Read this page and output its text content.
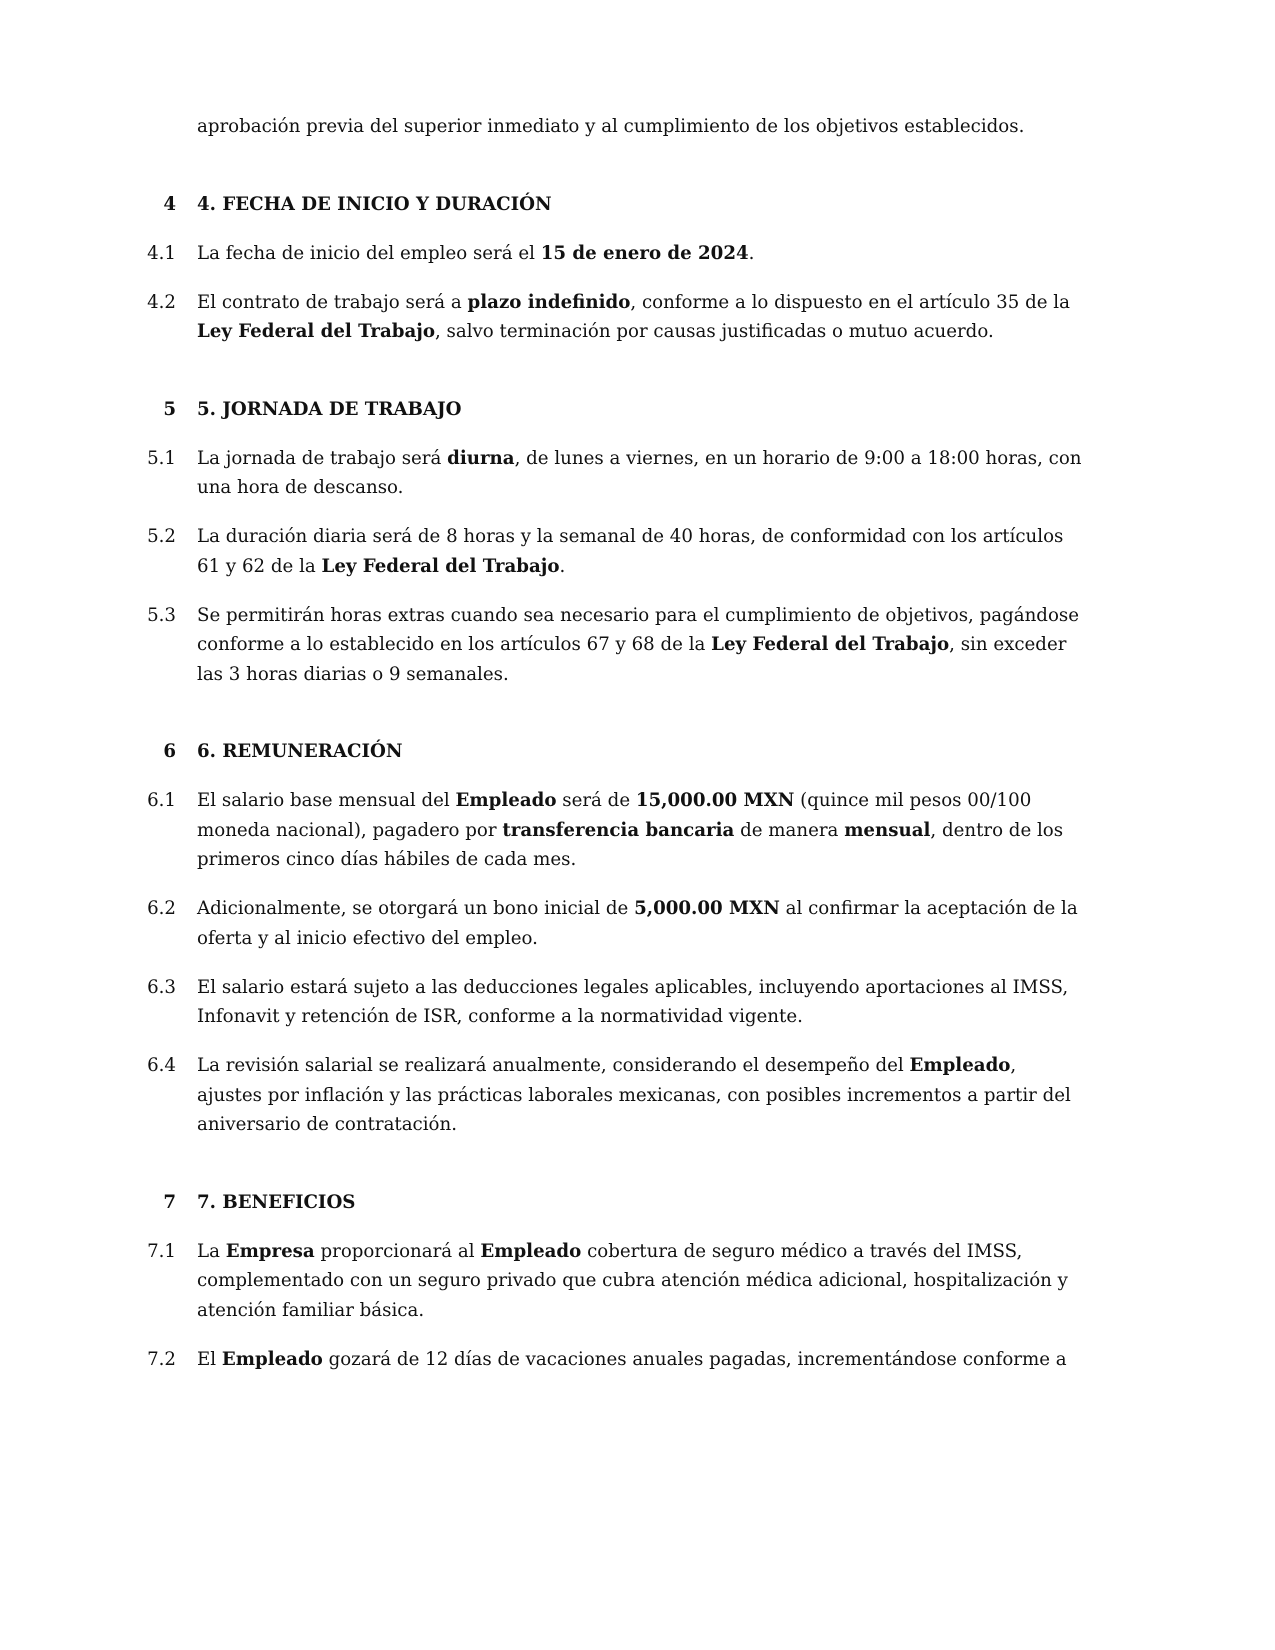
aprobación previa del superior inmediato y al cumplimiento de los objetivos establecidos.
4 4. FECHA DE INICIO Y DURACIÓN
4.1 La fecha de inicio del empleo será el 15 de enero de 2024.
4.2 El contrato de trabajo será a plazo indefinido, conforme a lo dispuesto en el artículo 35 de la Ley Federal del Trabajo, salvo terminación por causas justificadas o mutuo acuerdo.
5 5. JORNADA DE TRABAJO
5.1 La jornada de trabajo será diurna, de lunes a viernes, en un horario de 9:00 a 18:00 horas, con una hora de descanso.
5.2 La duración diaria será de 8 horas y la semanal de 40 horas, de conformidad con los artículos 61 y 62 de la Ley Federal del Trabajo.
5.3 Se permitirán horas extras cuando sea necesario para el cumplimiento de objetivos, pagándose conforme a lo establecido en los artículos 67 y 68 de la Ley Federal del Trabajo, sin exceder las 3 horas diarias o 9 semanales.
6 6. REMUNERACIÓN
6.1 El salario base mensual del Empleado será de 15,000.00 MXN (quince mil pesos 00/100 moneda nacional), pagadero por transferencia bancaria de manera mensual, dentro de los primeros cinco días hábiles de cada mes.
6.2 Adicionalmente, se otorgará un bono inicial de 5,000.00 MXN al confirmar la aceptación de la oferta y al inicio efectivo del empleo.
6.3 El salario estará sujeto a las deducciones legales aplicables, incluyendo aportaciones al IMSS, Infonavit y retención de ISR, conforme a la normatividad vigente.
6.4 La revisión salarial se realizará anualmente, considerando el desempeño del Empleado, ajustes por inflación y las prácticas laborales mexicanas, con posibles incrementos a partir del aniversario de contratación.
7 7. BENEFICIOS
7.1 La Empresa proporcionará al Empleado cobertura de seguro médico a través del IMSS, complementado con un seguro privado que cubra atención médica adicional, hospitalización y atención familiar básica.
7.2 El Empleado gozará de 12 días de vacaciones anuales pagadas, incrementándose conforme a
